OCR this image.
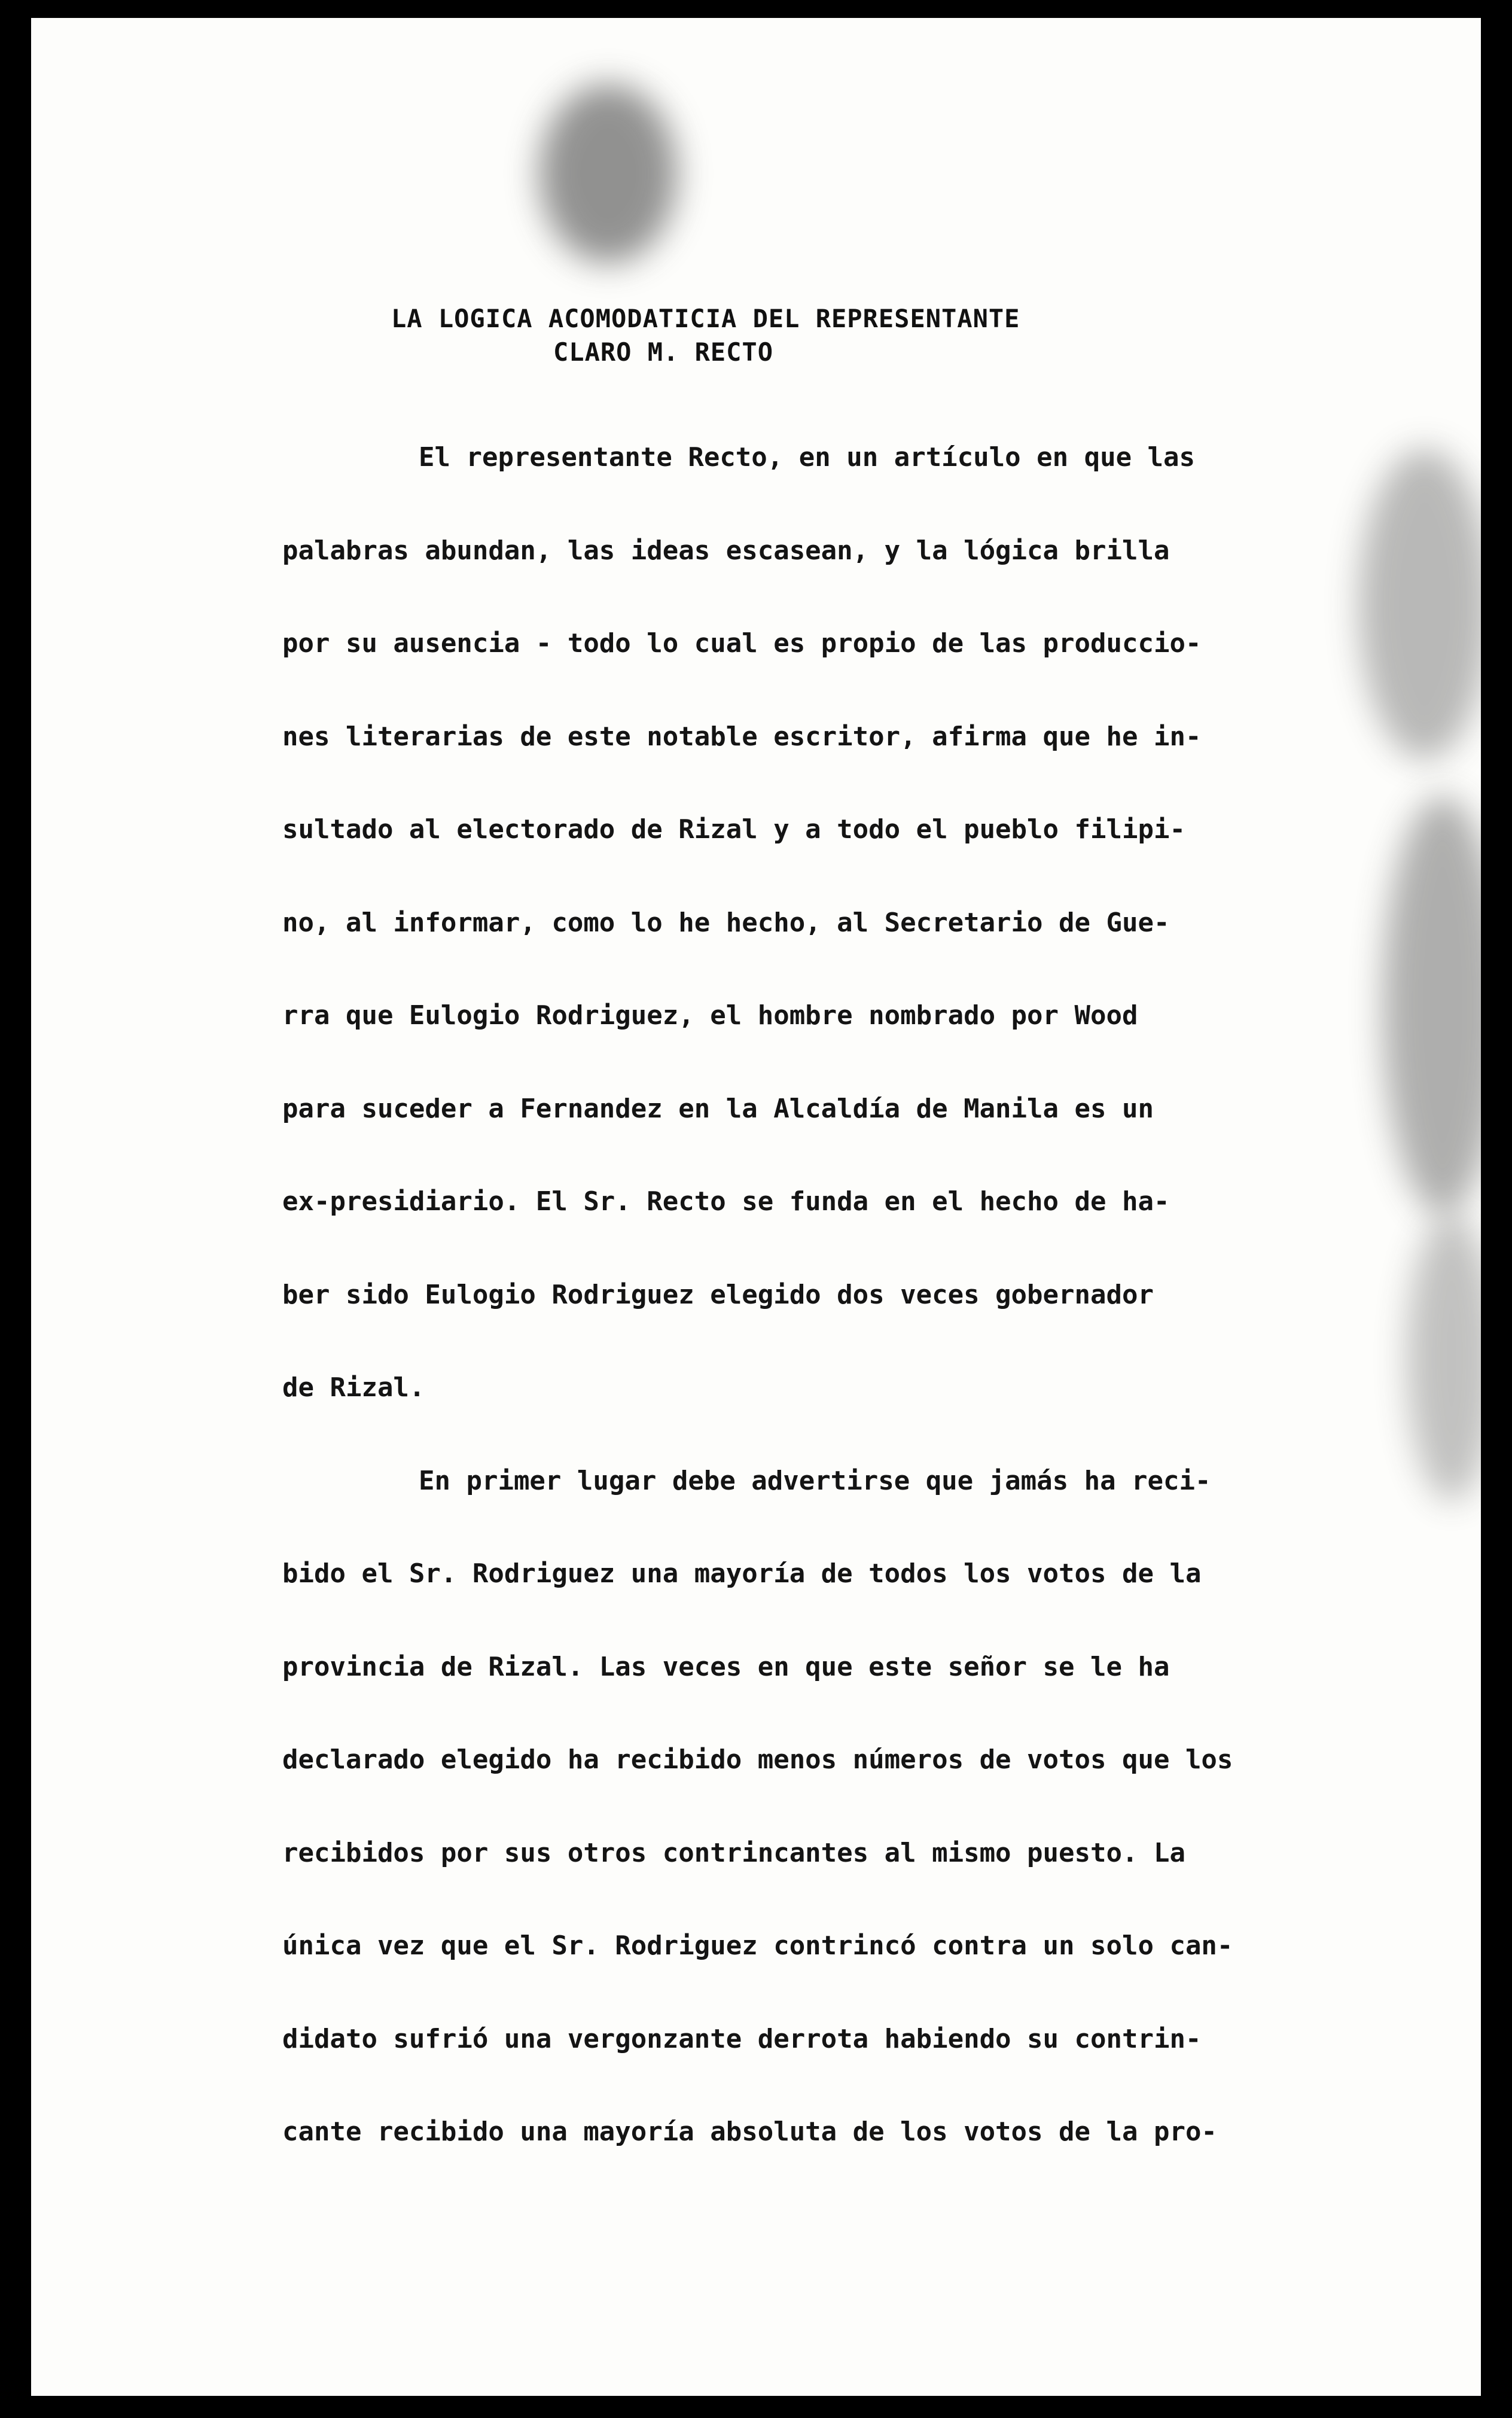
LA LOGICA ACOMODATICIA DEL REPRESENTANTE
CLARO M. RECTO
El representante Recto, en un artículo en que las
palabras abundan, las ideas escasean, y la lógica brilla
por su ausencia - todo lo cual es propio de las produccio-
nes literarias de este notable escritor, afirma que he in-
sultado al electorado de Rizal y a todo el pueblo filipi-
no, al informar, como lo he hecho, al Secretario de Gue-
rra que Eulogio Rodriguez, el hombre nombrado por Wood
para suceder a Fernandez en la Alcaldía de Manila es un
ex-presidiario. El Sr. Recto se funda en el hecho de ha-
ber sido Eulogio Rodriguez elegido dos veces gobernador
de Rizal.
En primer lugar debe advertirse que jamás ha reci-
bido el Sr. Rodriguez una mayoría de todos los votos de la
provincia de Rizal. Las veces en que este señor se le ha
declarado elegido ha recibido menos números de votos que los
recibidos por sus otros contrincantes al mismo puesto. La
única vez que el Sr. Rodriguez contrincó contra un solo can-
didato sufrió una vergonzante derrota habiendo su contrin-
cante recibido una mayoría absoluta de los votos de la pro-
